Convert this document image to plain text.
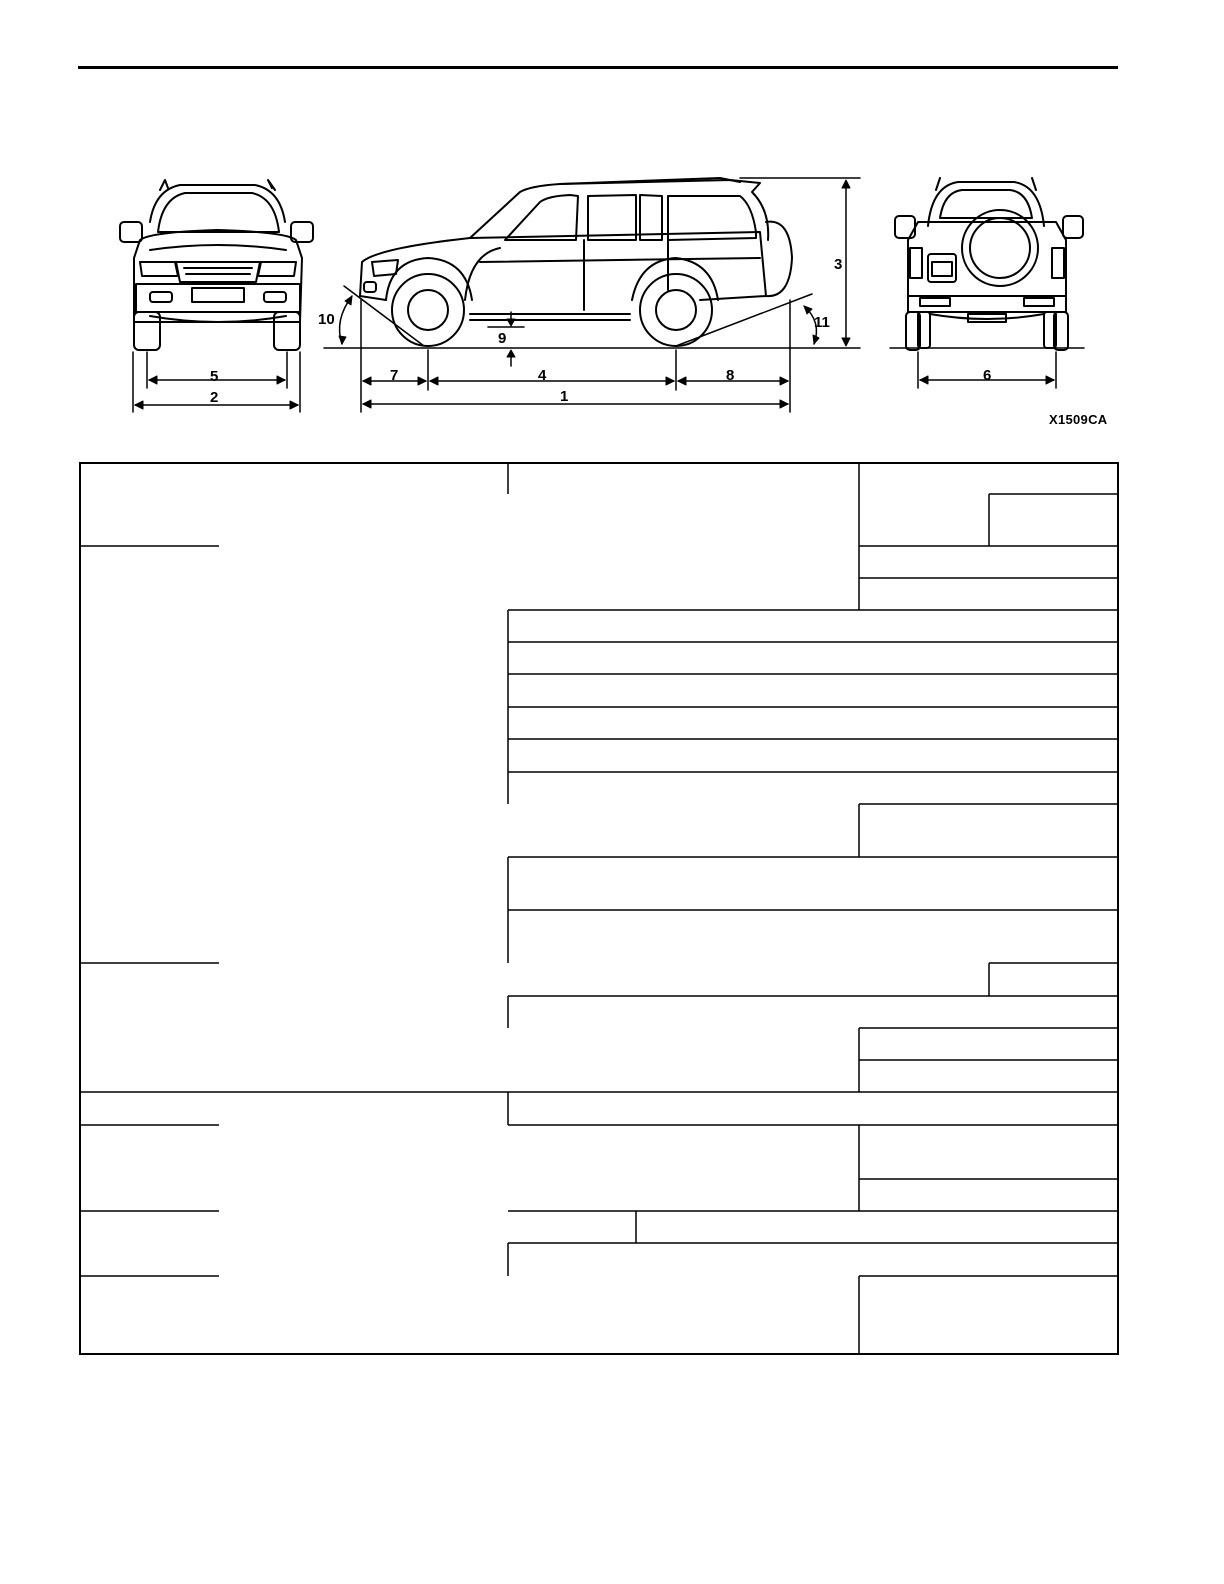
5
2
7	4	8
1
3
9
10	11
6
X1509CA
